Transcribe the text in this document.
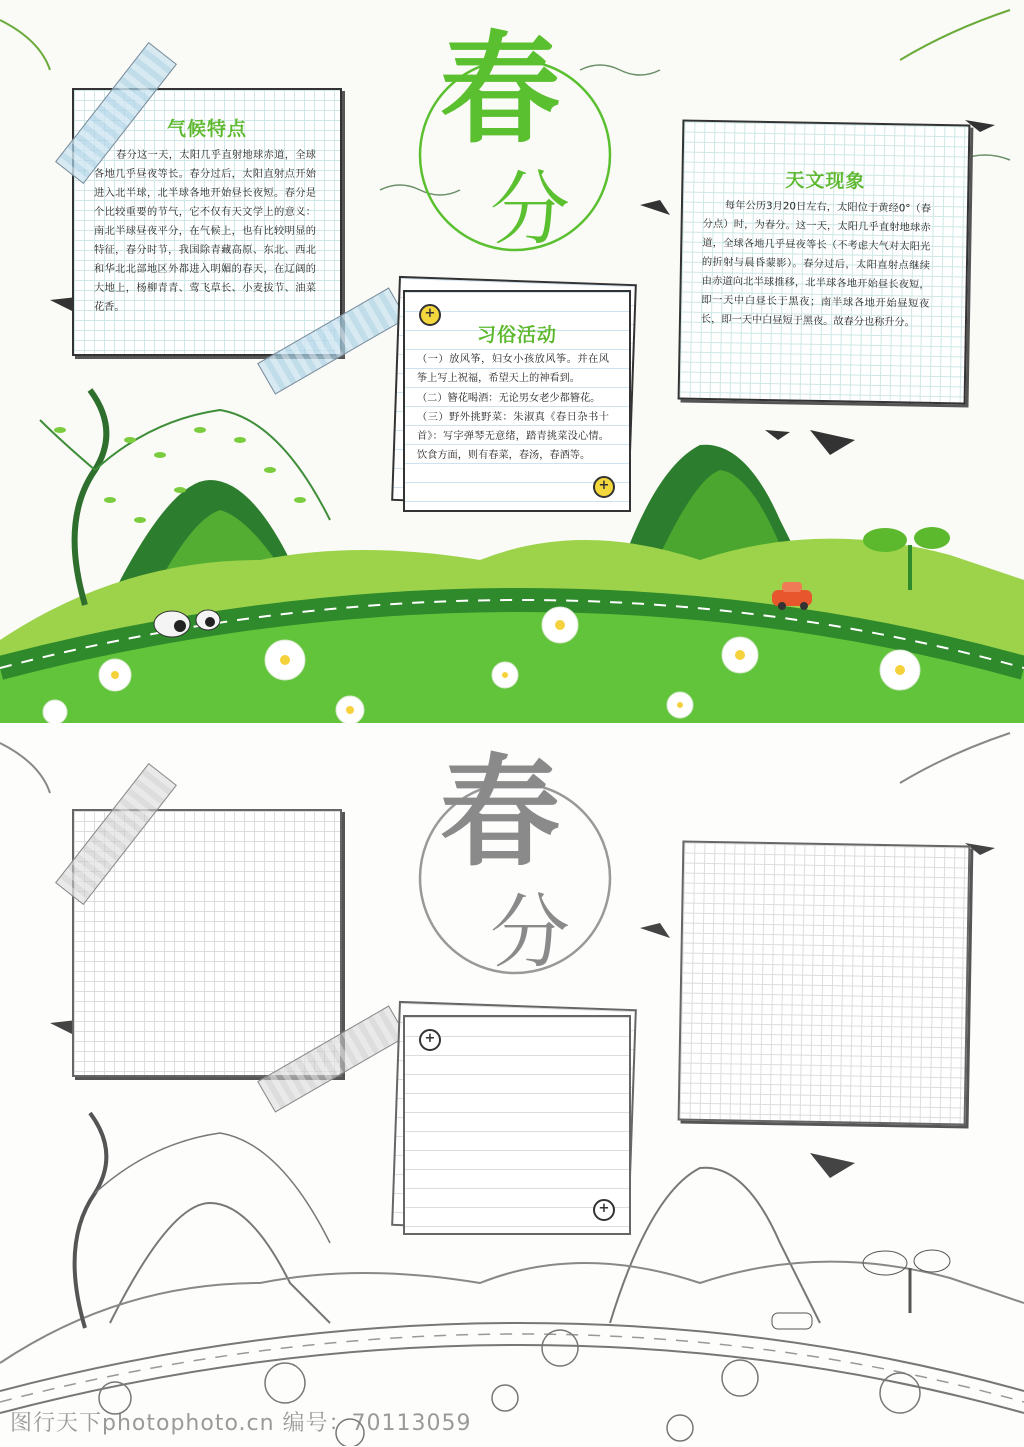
春
分
气候特点
春分这一天，太阳几乎直射地球赤道，全球各地几乎昼夜等长。春分过后，太阳直射点开始进入北半球，北半球各地开始昼长夜短。春分是个比较重要的节气，它不仅有天文学上的意义：南北半球昼夜平分，在气候上，也有比较明显的特征，春分时节，我国除青藏高原、东北、西北和华北北部地区外都进入明媚的春天，在辽阔的大地上，杨柳青青、莺飞草长、小麦拔节、油菜花香。	+
+
习俗活动
（一）放风筝，妇女小孩放风筝。并在风筝上写上祝福，希望天上的神看到。
（二）簪花喝酒：无论男女老少都簪花。
（三）野外挑野菜：朱淑真《春日杂书十首》：写字弹琴无意绪，踏青挑菜没心情。饮食方面，则有春菜，春汤，春酒等。
天文现象
每年公历3月20日左右，太阳位于黄经0°（春分点）时，为春分。这一天，太阳几乎直射地球赤道，全球各地几乎昼夜等长（不考虑大气对太阳光的折射与晨昏蒙影）。春分过后，太阳直射点继续由赤道向北半球推移，北半球各地开始昼长夜短，即一天中白昼长于黑夜；南半球各地开始昼短夜长，即一天中白昼短于黑夜。故春分也称升分。
春
分
+
+
图行天下photophoto.cn 编号：70113059
